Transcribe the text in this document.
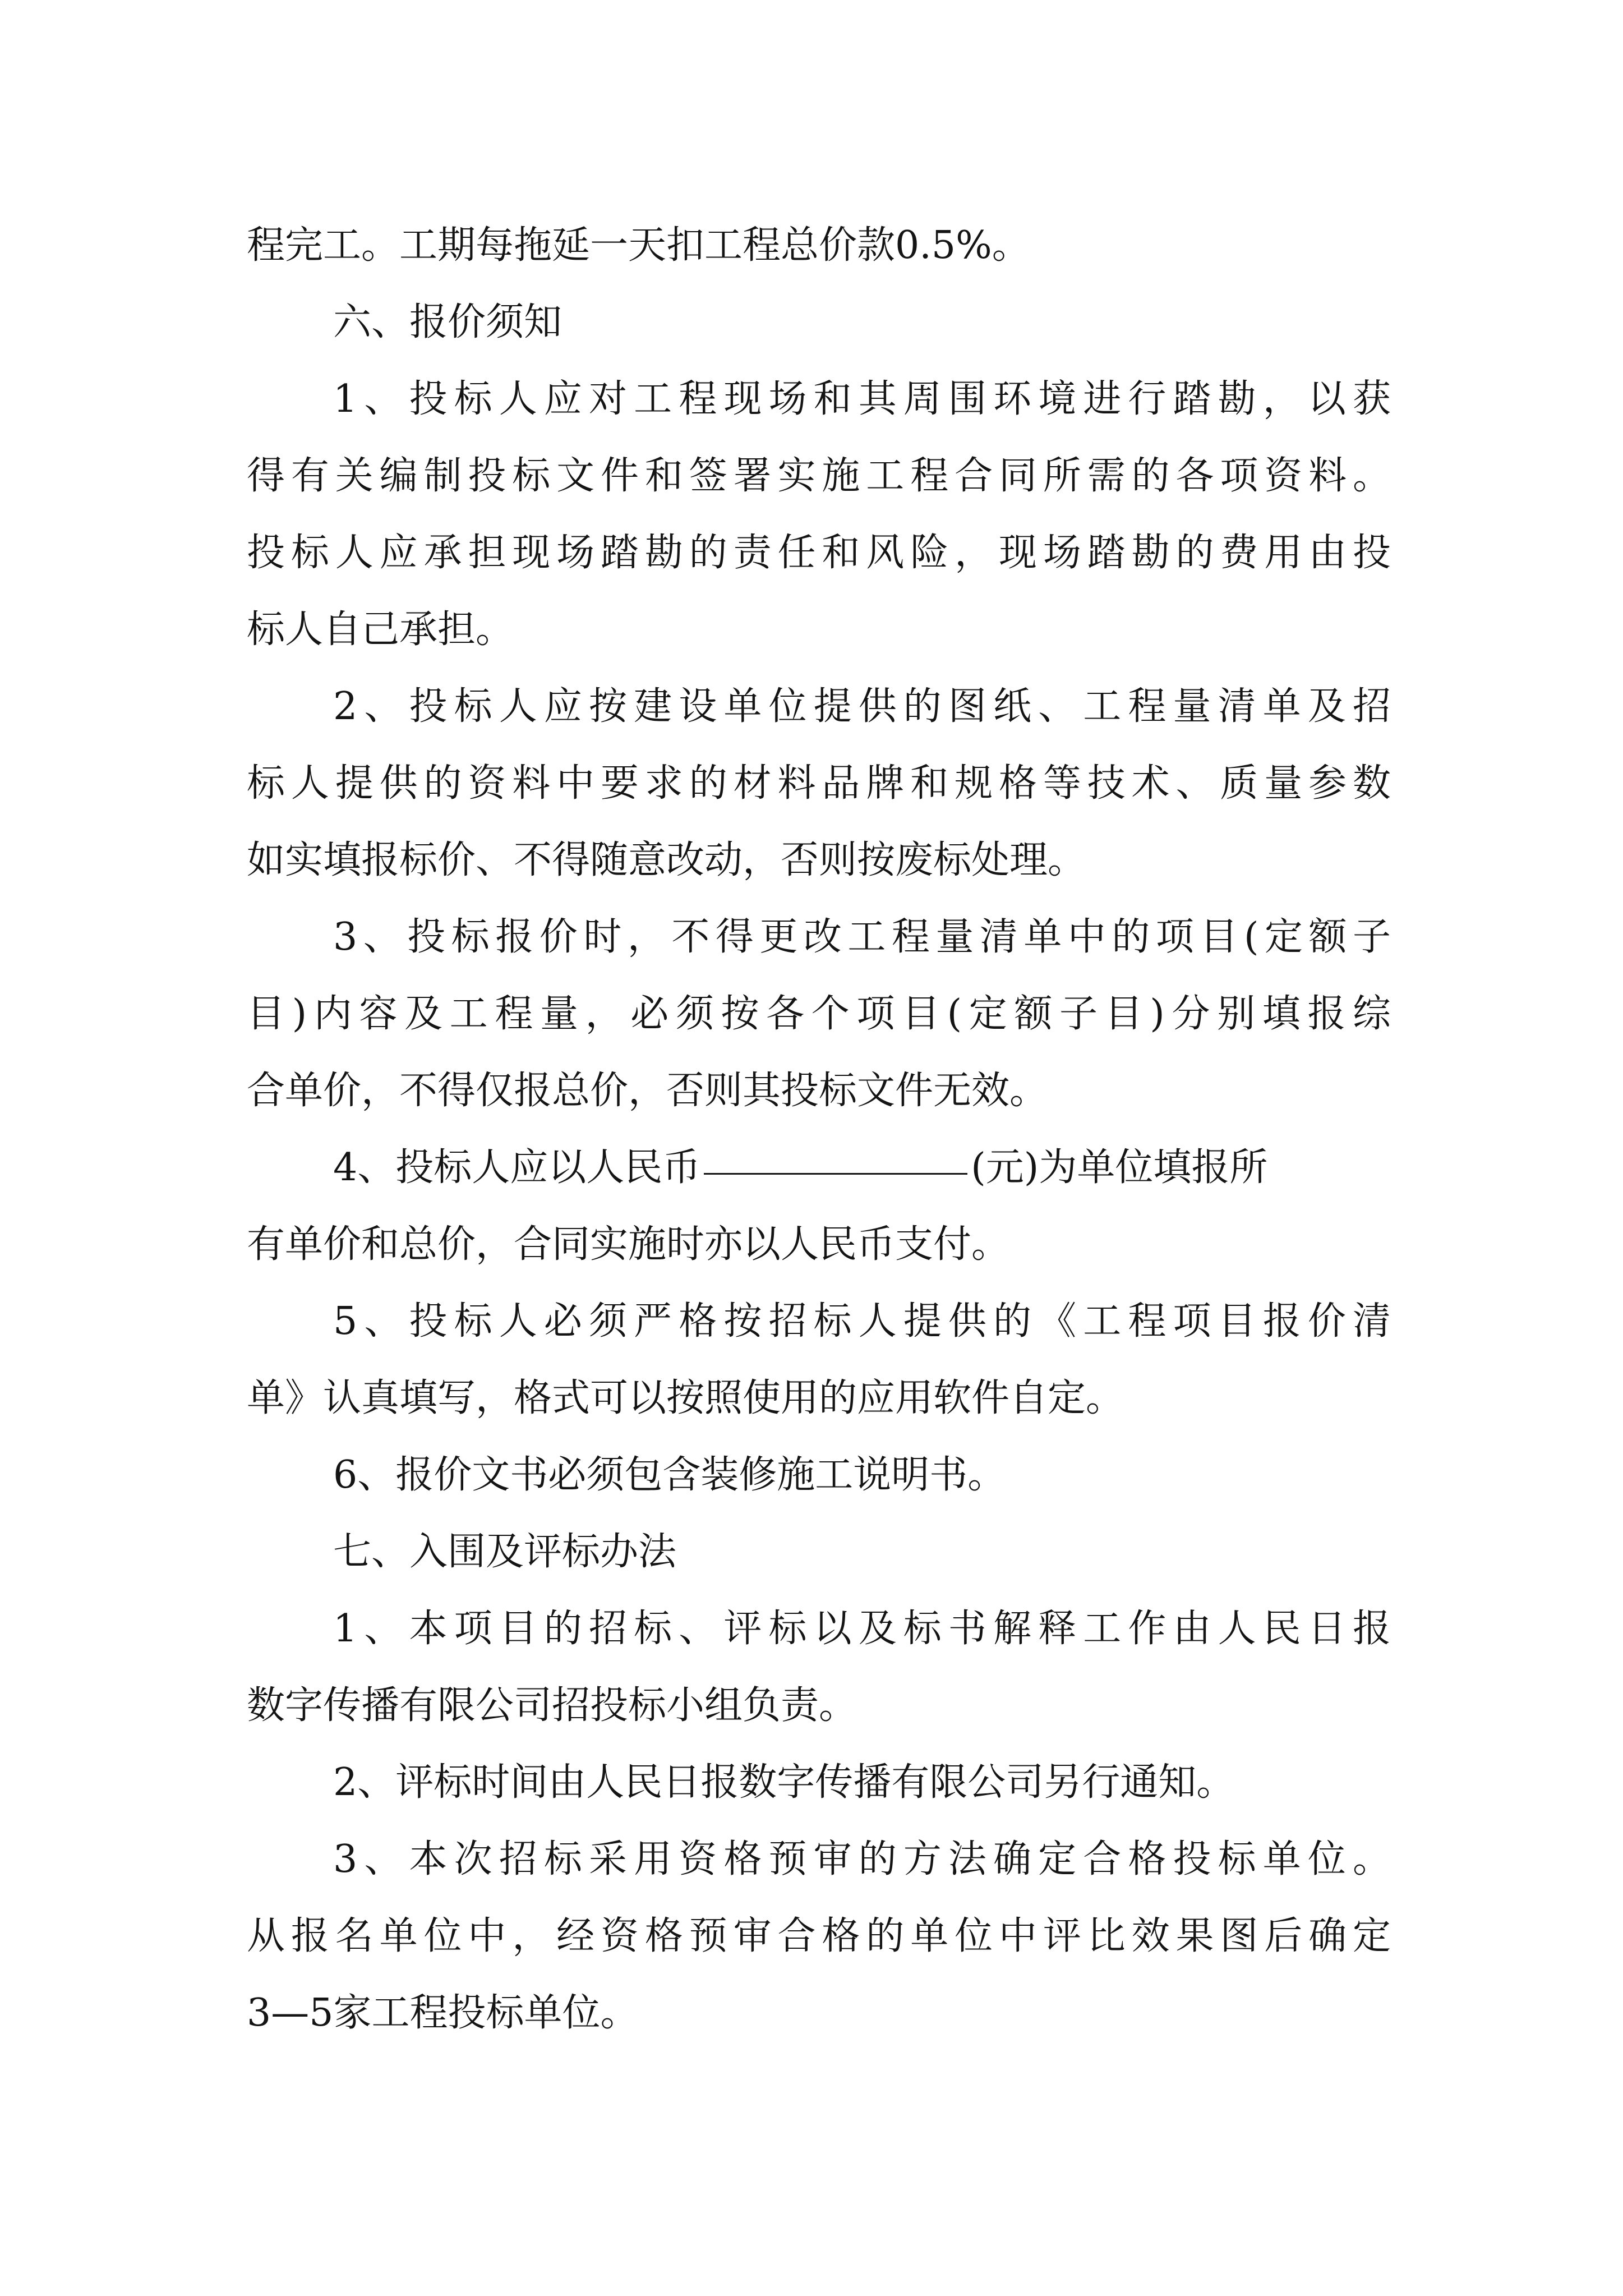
程完工。工期每拖延一天扣工程总价款0.5%。
六、报价须知
1、投标人应对工程现场和其周围环境进行踏勘，以获
得有关编制投标文件和签署实施工程合同所需的各项资料。
投标人应承担现场踏勘的责任和风险，现场踏勘的费用由投
标人自己承担。
2、投标人应按建设单位提供的图纸、工程量清单及招
标人提供的资料中要求的材料品牌和规格等技术、质量参数
如实填报标价、不得随意改动，否则按废标处理。
3、投标报价时，不得更改工程量清单中的项目(定额子
目)内容及工程量，必须按各个项目(定额子目)分别填报综
合单价，不得仅报总价，否则其投标文件无效。
4、投标人应以人民币	(元)为单位填报所
有单价和总价，合同实施时亦以人民币支付。
5、投标人必须严格按招标人提供的《工程项目报价清
单》认真填写，格式可以按照使用的应用软件自定。
6、报价文书必须包含装修施工说明书。
七、入围及评标办法
1、本项目的招标、评标以及标书解释工作由人民日报
数字传播有限公司招投标小组负责。
2、评标时间由人民日报数字传播有限公司另行通知。
3、本次招标采用资格预审的方法确定合格投标单位。
从报名单位中，经资格预审合格的单位中评比效果图后确定
3—5家工程投标单位。
